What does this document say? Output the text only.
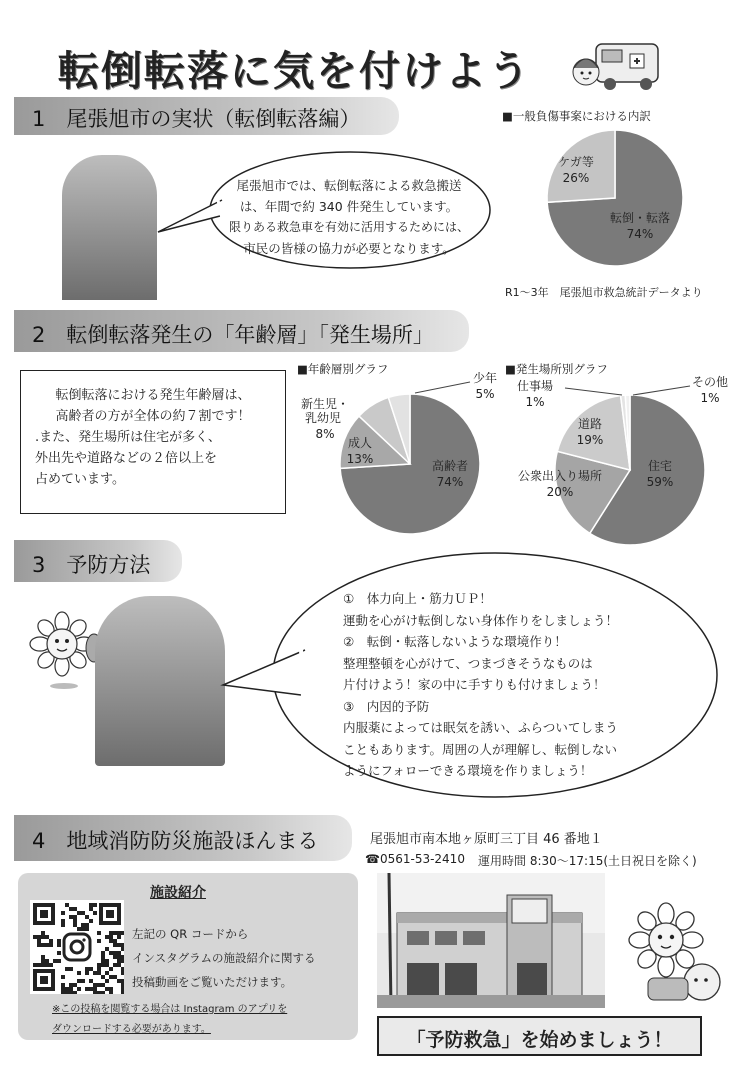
転倒転落に気を付けよう
1　尾張旭市の実状（転倒転落編）
尾張旭市では、転倒転落による救急搬送
は、年間で約 340 件発生しています。
限りある救急車を有効に活用するためには、
市民の皆様の協力が必要となります。
■一般負傷事案における内訳
転倒・転落
74%
ケガ等
26%
R1～3年　尾張旭市救急統計データより
2　転倒転落発生の「年齢層」「発生場所」
転倒転落における発生年齢層は、
高齢者の方が全体の約７割です！
.また、発生場所は住宅が多く、
外出先や道路などの２倍以上を
占めています。
■年齢層別グラフ	■発生場所別グラフ
高齢者
74%
成人
13%
新生児・
乳幼児
8%
少年
5%
住宅
59%
公衆出入り場所
20%
道路
19%
仕事場
1%
その他
1%
3　予防方法
①　体力向上・筋力ＵＰ！
運動を心がけ転倒しない身体作りをしましょう！
②　転倒・転落しないような環境作り！
整理整頓を心がけて、つまづきそうなものは
片付けよう！家の中に手すりも付けましょう！
③　内因的予防
内服薬によっては眠気を誘い、ふらついてしまう
こともあります。周囲の人が理解し、転倒しない
ようにフォローできる環境を作りましょう！
4　地域消防防災施設ほんまる	尾張旭市南本地ヶ原町三丁目 46 番地１
☎0561-53-2410 運用時間 8:30～17:15(土日祝日を除く)
施設紹介
左記の QR コードから
インスタグラムの施設紹介に関する
投稿動画をご覧いただけます。
※この投稿を閲覧する場合は Instagram のアプリを
ダウンロードする必要があります。	「予防救急」を始めましょう！
